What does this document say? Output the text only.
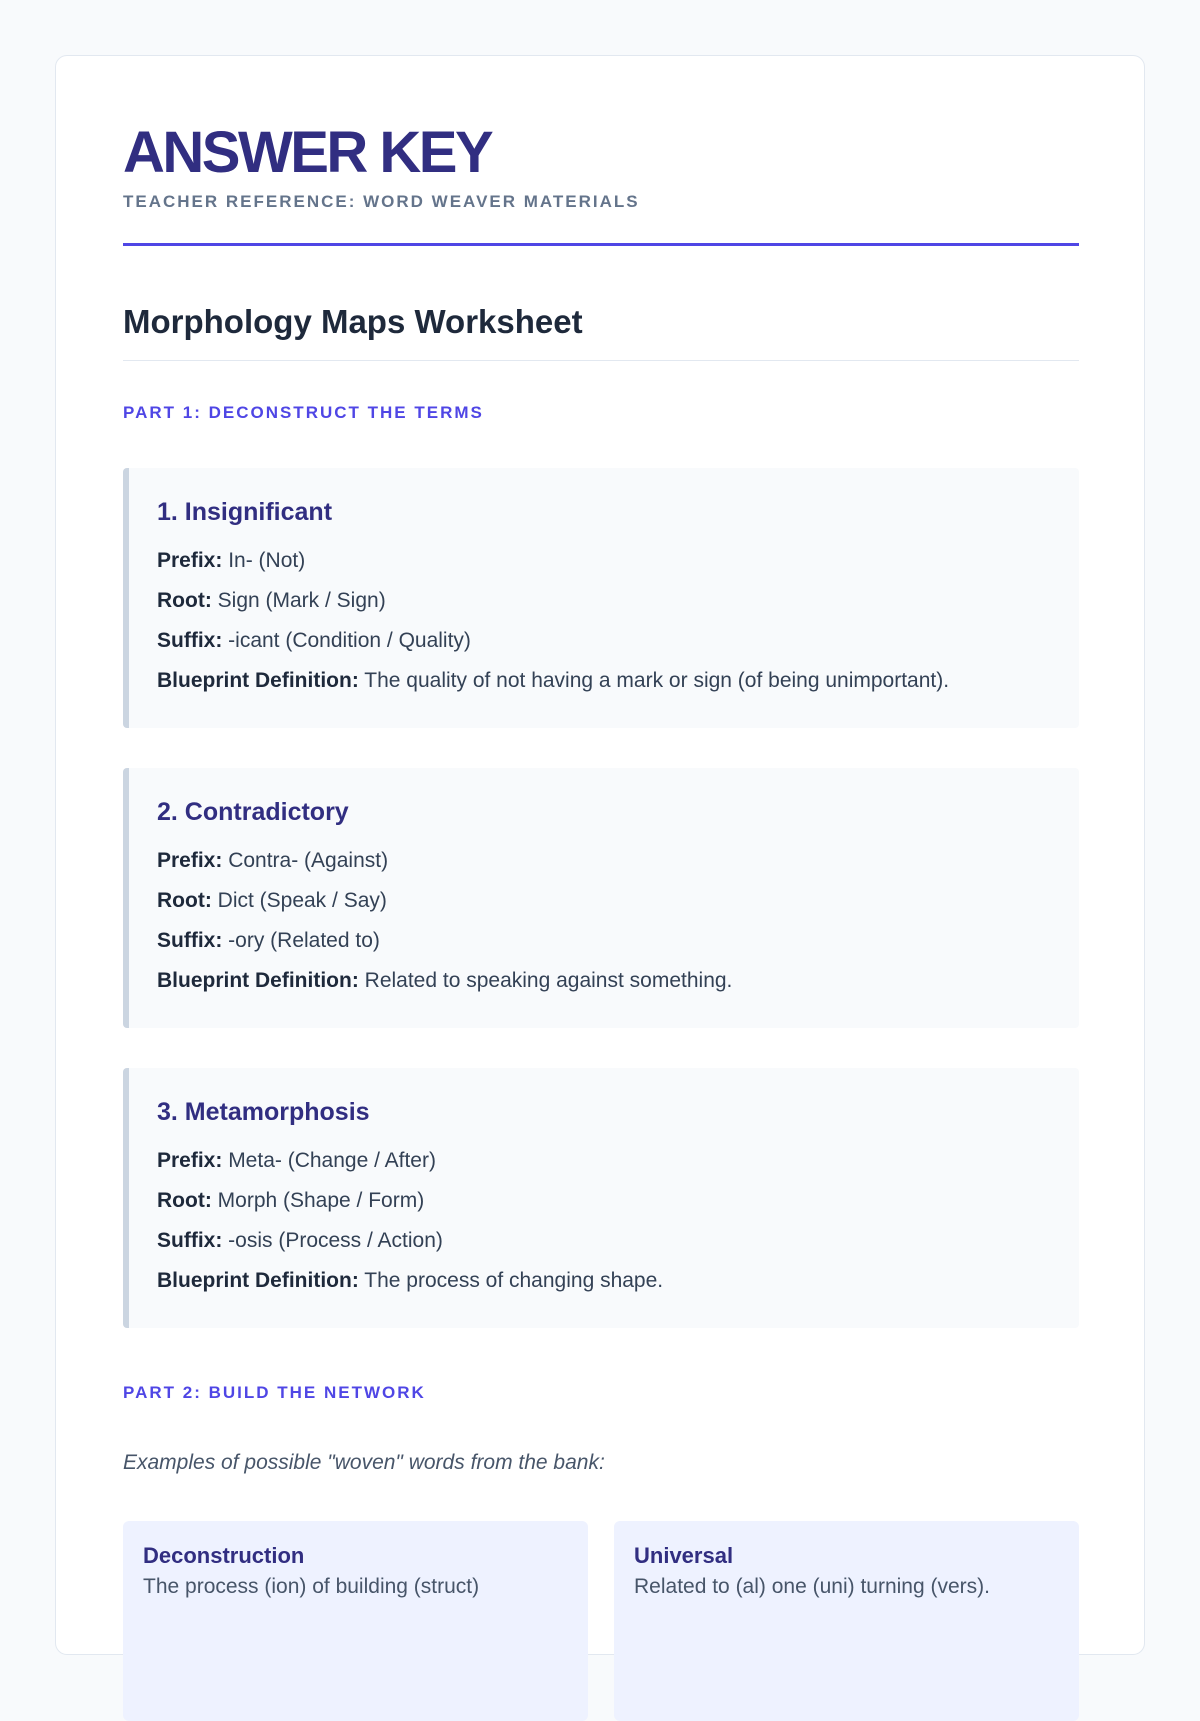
ANSWER KEY
TEACHER REFERENCE: WORD WEAVER MATERIALS
Morphology Maps Worksheet
PART 1: DECONSTRUCT THE TERMS
1. Insignificant
Prefix: In- (Not)
Root: Sign (Mark / Sign)
Suffix: -icant (Condition / Quality)
Blueprint Definition: The quality of not having a mark or sign (of being unimportant).
2. Contradictory
Prefix: Contra- (Against)
Root: Dict (Speak / Say)
Suffix: -ory (Related to)
Blueprint Definition: Related to speaking against something.
3. Metamorphosis
Prefix: Meta- (Change / After)
Root: Morph (Shape / Form)
Suffix: -osis (Process / Action)
Blueprint Definition: The process of changing shape.
PART 2: BUILD THE NETWORK
Examples of possible "woven" words from the bank:
Deconstruction

The process (ion) of building (struct)

Universal

Related to (al) one (uni) turning (vers).
